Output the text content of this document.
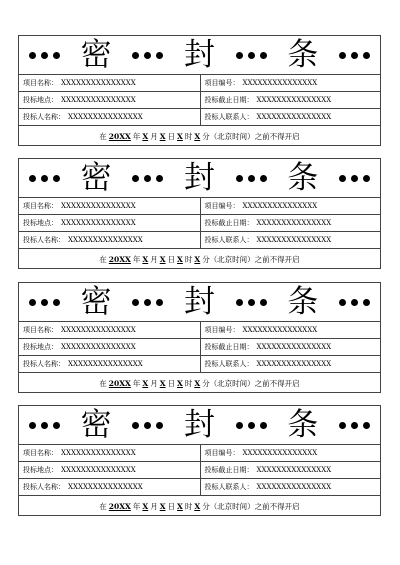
密 封 条
项目名称： XXXXXXXXXXXXXXX	项目编号： XXXXXXXXXXXXXXX
投标地点： XXXXXXXXXXXXXXX	投标截止日期： XXXXXXXXXXXXXXX
投标人名称： XXXXXXXXXXXXXXX	投标人联系人： XXXXXXXXXXXXXXX
在 20XX 年 X 月 X 日 X 时 X 分 （北京时间）之前不得开启
密 封 条
项目名称： XXXXXXXXXXXXXXX	项目编号： XXXXXXXXXXXXXXX
投标地点： XXXXXXXXXXXXXXX	投标截止日期： XXXXXXXXXXXXXXX
投标人名称： XXXXXXXXXXXXXXX	投标人联系人： XXXXXXXXXXXXXXX
在 20XX 年 X 月 X 日 X 时 X 分 （北京时间）之前不得开启
密 封 条
项目名称： XXXXXXXXXXXXXXX	项目编号： XXXXXXXXXXXXXXX
投标地点： XXXXXXXXXXXXXXX	投标截止日期： XXXXXXXXXXXXXXX
投标人名称： XXXXXXXXXXXXXXX	投标人联系人： XXXXXXXXXXXXXXX
在 20XX 年 X 月 X 日 X 时 X 分 （北京时间）之前不得开启
密 封 条
项目名称： XXXXXXXXXXXXXXX	项目编号： XXXXXXXXXXXXXXX
投标地点： XXXXXXXXXXXXXXX	投标截止日期： XXXXXXXXXXXXXXX
投标人名称： XXXXXXXXXXXXXXX	投标人联系人： XXXXXXXXXXXXXXX
在 20XX 年 X 月 X 日 X 时 X 分 （北京时间）之前不得开启
